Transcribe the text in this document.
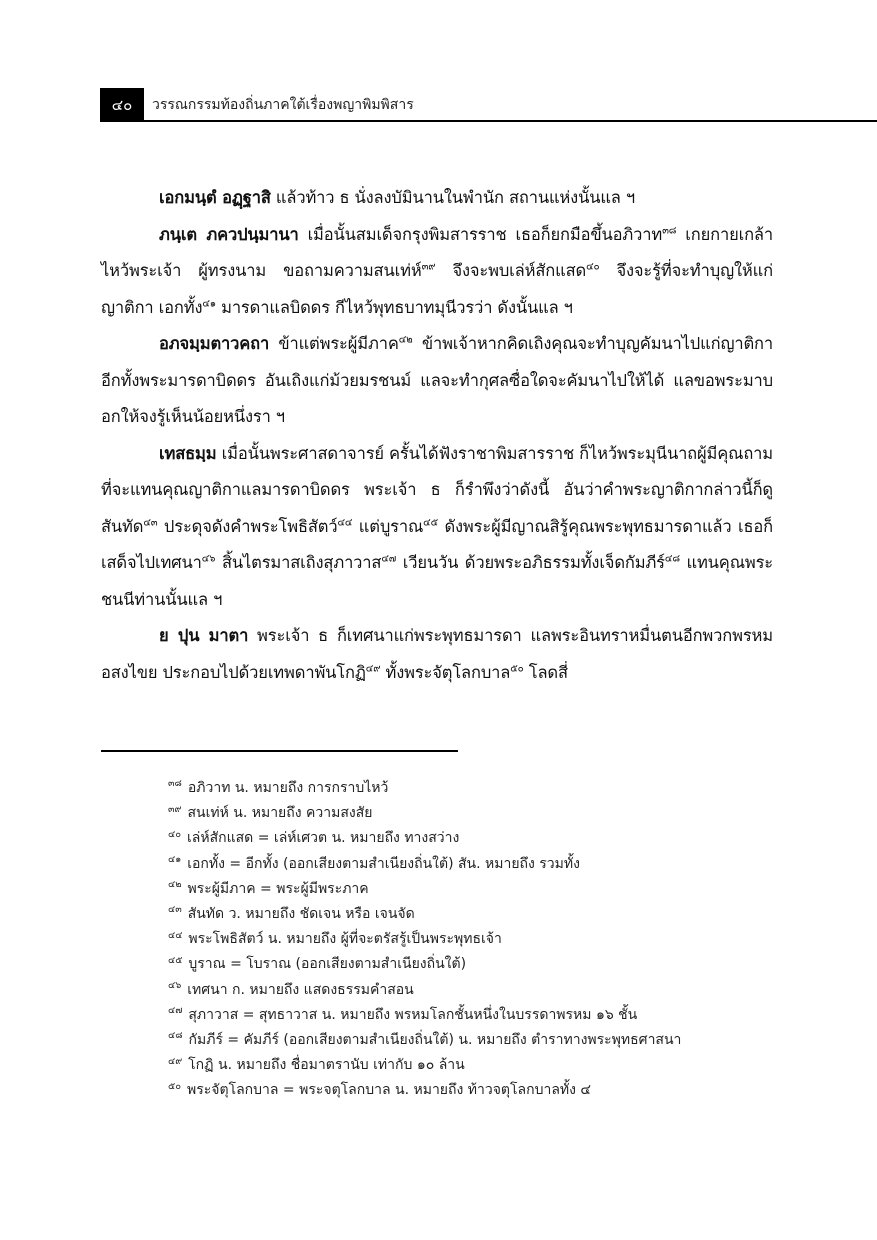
๔๐	วรรณกรรมท้องถิ่นภาคใต้เรื่องพญาพิมพิสาร

เอกมนฺตํ อฏฺฐาสิ แล้วท้าว ธ นั่งลงบัมินานในพำนัก สถานแห่งนั้นแล ฯ

ภนฺเต ภควปนฺมานา เมื่อนั้นสมเด็จกรุงพิมสารราช เธอก็ยกมือขึ้นอภิวาท$^{๓๘}$ เกยกายเกล้าไหว้พระเจ้า ผู้ทรงนาม ขอถามความสนเท่ห์$^{๓๙}$ จึงจะพบเล่ห์สักแสด$^{๔๐}$ จึงจะรู้ที่จะทำบุญให้แก่ญาติกา เอกทั้ง$^{๔๑}$ มารดาแลบิดดร กีไหว้พุทธบาทมุนีวรว่า ดังนั้นแล ฯ

อภจมฺมตาวคถา ข้าแต่พระผู้มีภาค$^{๔๒}$ ข้าพเจ้าหากคิดเถิงคุณจะทำบุญคัมนาไปแก่ญาติกา อีกทั้งพระมารดาบิดดร อันเถิงแก่ม้วยมรชนม์ แลจะทำกุศลซื่อใดจะคัมนาไปให้ได้ แลขอพระมาบอกให้จงรู้เห็นน้อยหนึ่งรา ฯ

เทสธมฺม เมื่อนั้นพระศาสดาจารย์ ครั้นได้ฟังราชาพิมสารราช ก็ไหว้พระมุนีนาถผู้มีคุณถามที่จะแทนคุณญาติกาแลมารดาบิดดร พระเจ้า ธ ก็รำพึงว่าดังนี้ อันว่าคำพระญาติกากล่าวนี้ก็ดูสันทัด$^{๔๓}$ ประดุจดังคำพระโพธิสัตว์$^{๔๔}$ แต่บูราณ$^{๔๕}$ ดังพระผู้มีญาณสิรู้คุณพระพุทธมารดาแล้ว เธอก็เสด็จไปเทศนา$^{๔๖}$ สิ้นไตรมาสเถิงสุภาวาส$^{๔๗}$ เวียนวัน ด้วยพระอภิธรรมทั้งเจ็ดกัมภีร์$^{๔๘}$ แทนคุณพระชนนีท่านนั้นแล ฯ

ย ปุน มาตา พระเจ้า ธ ก็เทศนาแก่พระพุทธมารดา แลพระอินทราหมื่นตนอีกพวกพรหมอสงไขย ประกอบไปด้วยเทพดาพันโกฏิ$^{๔๙}$ ทั้งพระจัตุโลกบาล$^{๕๐}$ โลดสี่

$^{๓๘}$ อภิวาท น. หมายถึง การกราบไหว้
$^{๓๙}$ สนเท่ห์ น. หมายถึง ความสงสัย
$^{๔๐}$ เล่ห์สักแสด = เล่ห์เศวต น. หมายถึง ทางสว่าง
$^{๔๑}$ เอกทั้ง = อีกทั้ง (ออกเสียงตามสำเนียงถิ่นใต้) สัน. หมายถึง รวมทั้ง
$^{๔๒}$ พระผู้มีภาค = พระผู้มีพระภาค
$^{๔๓}$ สันทัด ว. หมายถึง ชัดเจน หรือ เจนจัด
$^{๔๔}$ พระโพธิสัตว์ น. หมายถึง ผู้ที่จะตรัสรู้เป็นพระพุทธเจ้า
$^{๔๕}$ บูราณ = โบราณ (ออกเสียงตามสำเนียงถิ่นใต้)
$^{๔๖}$ เทศนา ก. หมายถึง แสดงธรรมคำสอน
$^{๔๗}$ สุภาวาส = สุทธาวาส น. หมายถึง พรหมโลกชั้นหนึ่งในบรรดาพรหม ๑๖ ชั้น
$^{๔๘}$ กัมภีร์ = คัมภีร์ (ออกเสียงตามสำเนียงถิ่นใต้) น. หมายถึง ตำราทางพระพุทธศาสนา
$^{๔๙}$ โกฏิ น. หมายถึง ชื่อมาตรานับ เท่ากับ ๑๐ ล้าน
$^{๕๐}$ พระจัตุโลกบาล = พระจตุโลกบาล น. หมายถึง ท้าวจตุโลกบาลทั้ง ๔
